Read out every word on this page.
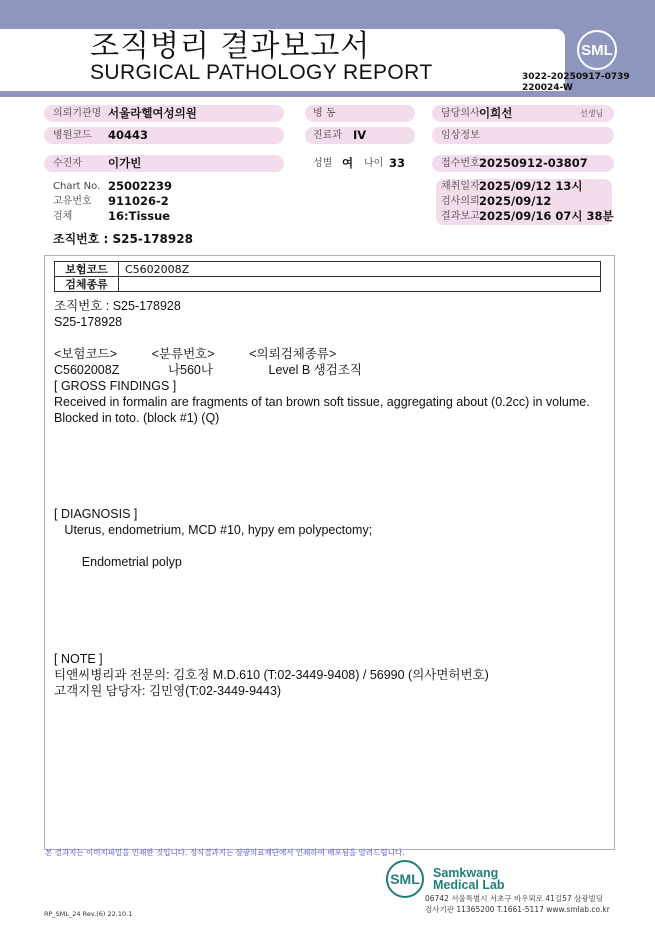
조직병리 결과보고서
SURGICAL PATHOLOGY REPORT
SML
3022-20250917-0739
220024-W
의뢰기관명 서울라헬여성의원	병 동	담당의사 이희선	선생님
병원코드 40443	진료과 IV	임상정보
수진자 이가빈	성별 여 나이 33	접수번호 20250912-03807
Chart No. 25002239
고유번호 911026-2
검체	16:Tissue
채취일자 2025/09/12 13시
검사의뢰 2025/09/12
결과보고 2025/09/16 07시 38분
조직번호 : S25-178928
보험코드	C5602008Z
검체종류	
조직번호 : S25-178928
S25-178928
<보험코드>          <분류번호>          <의뢰검체종류>
C5602008Z              나560나                Level B 생검조직
[ GROSS FINDINGS ]
Received in formalin are fragments of tan brown soft tissue, aggregating about (0.2cc) in volume. Blocked in toto. (block #1) (Q)
[ DIAGNOSIS ]
Uterus, endometrium, MCD #10, hypy em polypectomy;
Endometrial polyp
[ NOTE ]
티앤씨병리과 전문의: 김호정 M.D.610 (T:02-3449-9408) / 56990 (의사면허번호)
고객지원 담당자: 김민영(T:02-3449-9443)
본 결과지는 이미지파일을 인쇄한 것입니다. 정식결과지는 삼광의료재단에서 인쇄하여 배포됨을 알려드립니다.
SML	Samkwang
Medical Lab
06742 서울특별시 서초구 바우뫼로 41길57 삼광빌딩
검사기관 11365200 T.1661-5117 www.smlab.co.kr
RP_SML_24 Rev.(6) 22.10.1
